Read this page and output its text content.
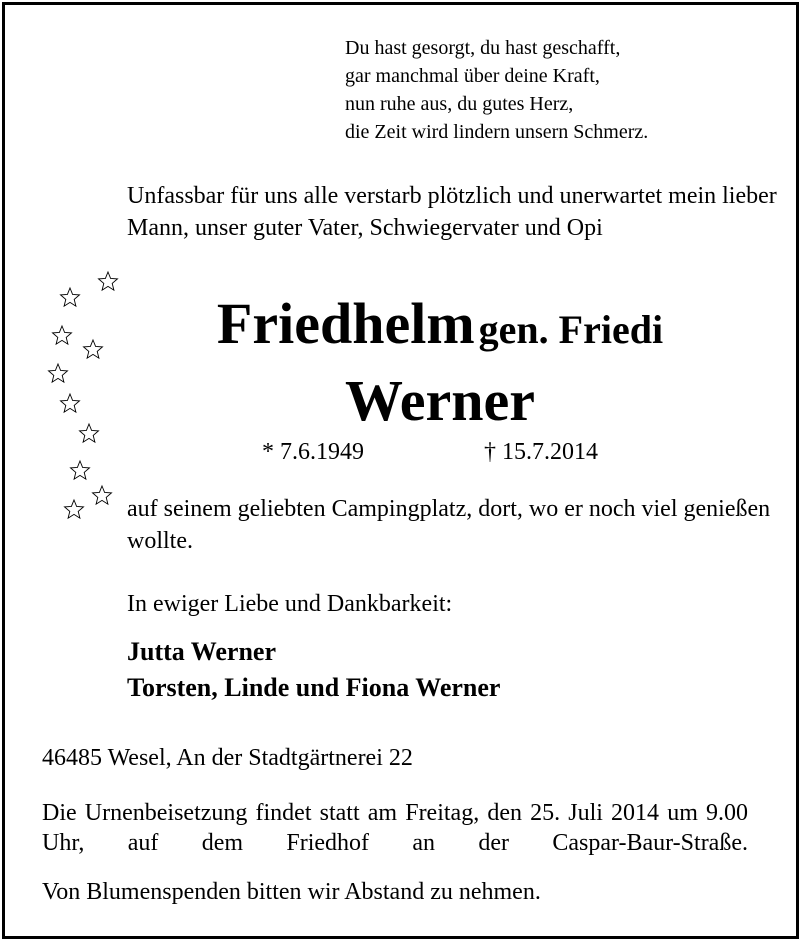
Du hast gesorgt, du hast geschafft,
gar manchmal über deine Kraft,
nun ruhe aus, du gutes Herz,
die Zeit wird lindern unsern Schmerz.
Unfassbar für uns alle verstarb plötzlich und unerwartet mein lieber Mann, unser guter Vater, Schwiegervater und Opi
Friedhelm gen. Friedi
Werner
* 7.6.1949	† 15.7.2014
auf seinem geliebten Campingplatz, dort, wo er noch viel genießen wollte.
In ewiger Liebe und Dankbarkeit:
Jutta Werner
Torsten, Linde und Fiona Werner
46485 Wesel, An der Stadtgärtnerei 22
Die Urnenbeisetzung findet statt am Freitag, den 25. Juli 2014 um 9.00 Uhr, auf dem Friedhof an der Caspar-Baur-Straße.
Von Blumenspenden bitten wir Abstand zu nehmen.
